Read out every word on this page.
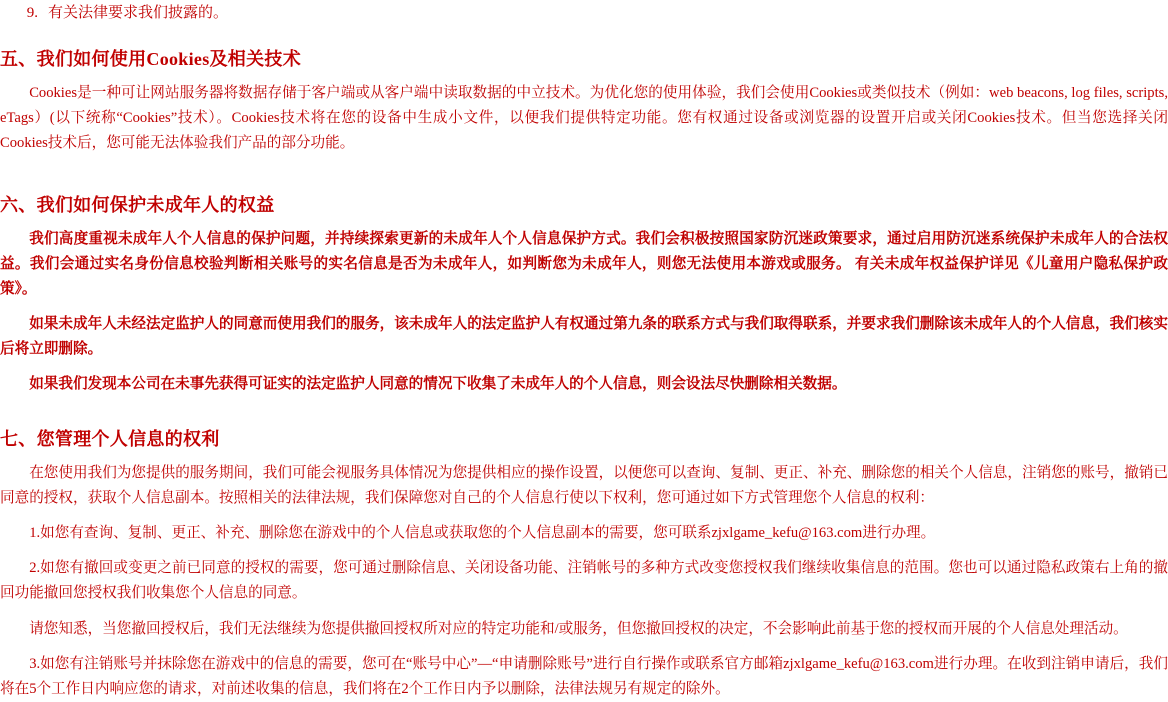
9. 有关法律要求我们披露的。
五、我们如何使用Cookies及相关技术

Cookies是一种可让网站服务器将数据存储于客户端或从客户端中读取数据的中立技术。为优化您的使用体验，我们会使用Cookies或类似技术（例如：web beacons, log files, scripts, eTags）(以下统称“Cookies”技术）。Cookies技术将在您的设备中生成小文件，以便我们提供特定功能。您有权通过设备或浏览器的设置开启或关闭Cookies技术。但当您选择关闭Cookies技术后，您可能无法体验我们产品的部分功能。

六、我们如何保护未成年人的权益

我们高度重视未成年人个人信息的保护问题，并持续探索更新的未成年人个人信息保护方式。我们会积极按照国家防沉迷政策要求，通过启用防沉迷系统保护未成年人的合法权益。我们会通过实名身份信息校验判断相关账号的实名信息是否为未成年人，如判断您为未成年人，则您无法使用本游戏或服务。 有关未成年权益保护详见《儿童用户隐私保护政策》。

如果未成年人未经法定监护人的同意而使用我们的服务，该未成年人的法定监护人有权通过第九条的联系方式与我们取得联系，并要求我们删除该未成年人的个人信息，我们核实后将立即删除。

如果我们发现本公司在未事先获得可证实的法定监护人同意的情况下收集了未成年人的个人信息，则会设法尽快删除相关数据。

七、您管理个人信息的权利

在您使用我们为您提供的服务期间，我们可能会视服务具体情况为您提供相应的操作设置，以便您可以查询、复制、更正、补充、删除您的相关个人信息，注销您的账号，撤销已同意的授权，获取个人信息副本。按照相关的法律法规，我们保障您对自己的个人信息行使以下权利，您可通过如下方式管理您个人信息的权利：

1.如您有查询、复制、更正、补充、删除您在游戏中的个人信息或获取您的个人信息副本的需要，您可联系zjxlgame_kefu@163.com进行办理。

2.如您有撤回或变更之前已同意的授权的需要，您可通过删除信息、关闭设备功能、注销帐号的多种方式改变您授权我们继续收集信息的范围。您也可以通过隐私政策右上角的撤回功能撤回您授权我们收集您个人信息的同意。

请您知悉，当您撤回授权后，我们无法继续为您提供撤回授权所对应的特定功能和/或服务，但您撤回授权的决定，不会影响此前基于您的授权而开展的个人信息处理活动。

3.如您有注销账号并抹除您在游戏中的信息的需要，您可在“账号中心”—“申请删除账号”进行自行操作或联系官方邮箱zjxlgame_kefu@163.com进行办理。在收到注销申请后，我们将在5个工作日内响应您的请求，对前述收集的信息，我们将在2个工作日内予以删除，法律法规另有规定的除外。
